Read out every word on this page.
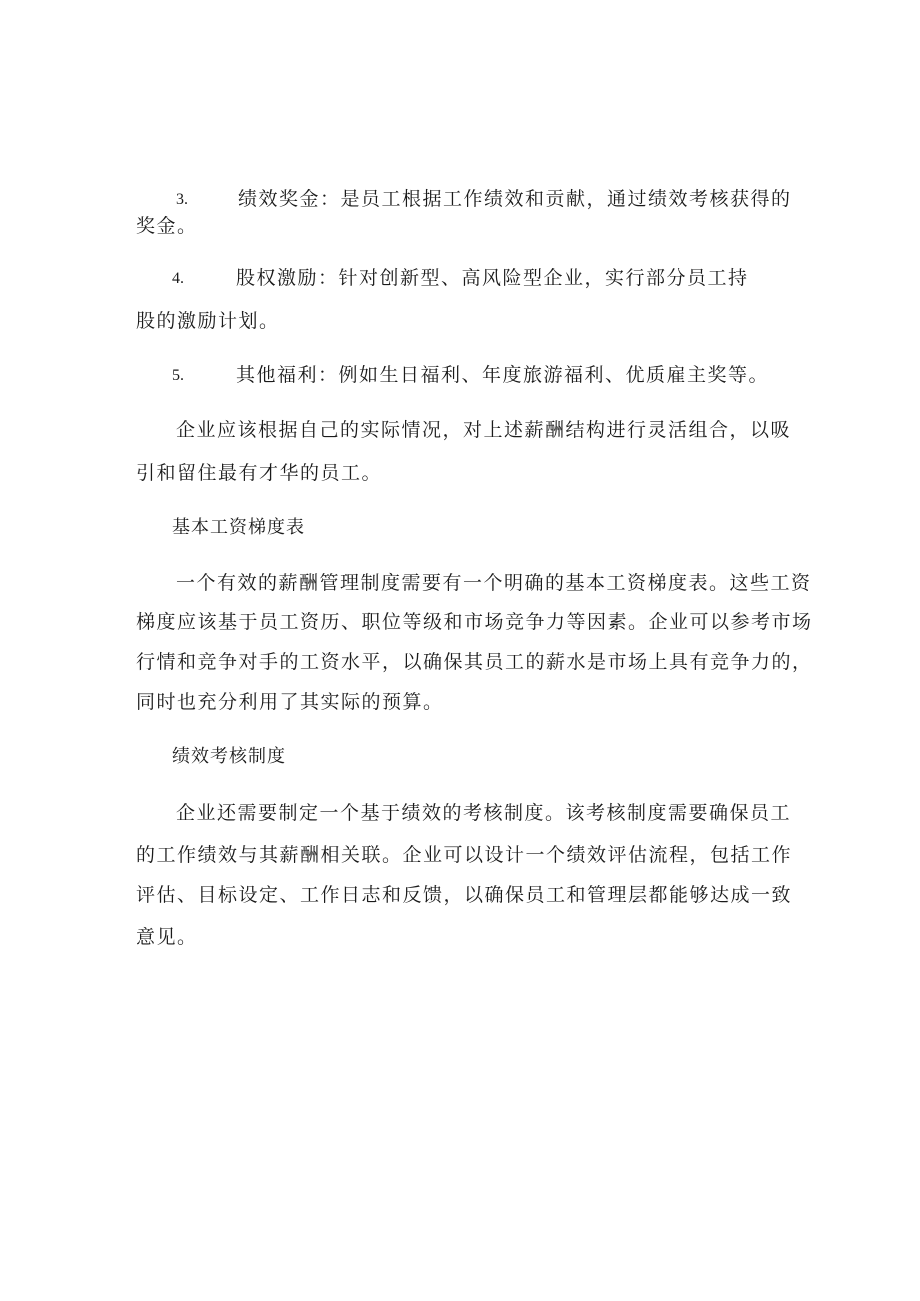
3.	绩效奖金：是员工根据工作绩效和贡献，通过绩效考核获得的
奖金。
4.	股权激励：针对创新型、高风险型企业，实行部分员工持
股的激励计划。
5.	其他福利：例如生日福利、年度旅游福利、优质雇主奖等。
企业应该根据自己的实际情况，对上述薪酬结构进行灵活组合，以吸
引和留住最有才华的员工。
基本工资梯度表
一个有效的薪酬管理制度需要有一个明确的基本工资梯度表。这些工资
梯度应该基于员工资历、职位等级和市场竞争力等因素。企业可以参考市场
行情和竞争对手的工资水平，以确保其员工的薪水是市场上具有竞争力的，
同时也充分利用了其实际的预算。
绩效考核制度
企业还需要制定一个基于绩效的考核制度。该考核制度需要确保员工
的工作绩效与其薪酬相关联。企业可以设计一个绩效评估流程，包括工作
评估、目标设定、工作日志和反馈，以确保员工和管理层都能够达成一致
意见。
